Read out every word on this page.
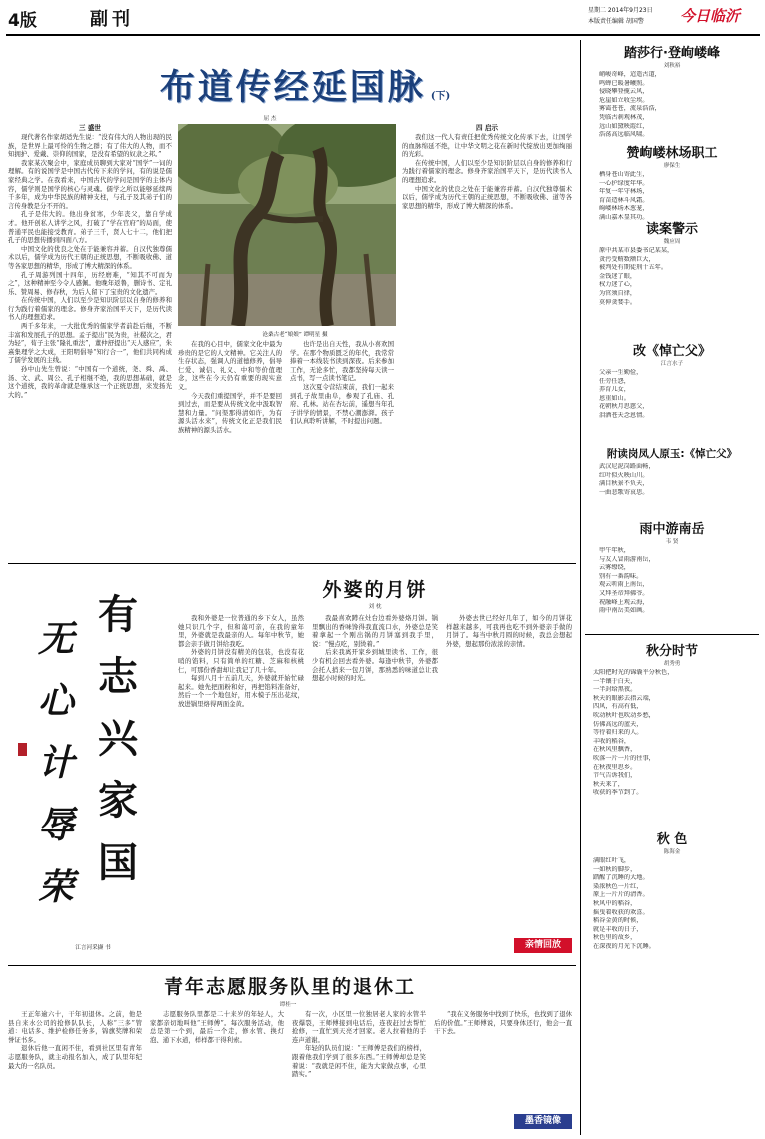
4版	副刊	星期二 2014年9月23日
本版责任编辑 胡国警 今日临沂
布道传经延国脉 (下)
屈 杰

三 盛世

现代著名作家胡适先生说：“没有伟大的人物出现的民族，是世界上最可怜的生物之群；有了伟大的人物，而不知拥护、爱戴、崇仰的国家，是没有希望的奴隶之邦。”

我家某次聚会中，家庭成员聊到大家对“国学”一词的理解。有的说国学是中国古代传下来的学问，有的说是儒家经典之学。在我看来，中国古代的学问是国学的主体内容，儒学则是国学的核心与灵魂。儒学之所以能够延续两千多年，成为中华民族的精神支柱，与孔子及其弟子们的言传身教是分不开的。

孔子是伟大的。他出身贫寒，少年丧父，靠自学成才。他开创私人讲学之风，打破了“学在官府”的局面，使普通平民也能接受教育。弟子三千，贤人七十二，他们把孔子的思想传播到四面八方。

中国文化的优良之处在于能兼容并蓄。自汉代独尊儒术以后，儒学成为历代王朝的正统思想，不断吸收佛、道等各家思想的精华，形成了博大精深的体系。

孔子周游列国十四年，历经磨难，“知其不可而为之”，这种精神至今令人感佩。他晚年返鲁，删诗书、定礼乐、赞周易、修春秋，为后人留下了宝贵的文化遗产。

在传统中国，人们以至少是知识阶层以自身的修养和行为践行着儒家的理念。修身齐家治国平天下，是历代读书人的理想追求。

两千多年来，一大批优秀的儒家学者前赴后继，不断丰富和发展孔子的思想。孟子提出“民为贵，社稷次之，君为轻”，荀子主张“隆礼重法”，董仲舒提出“天人感应”，朱熹集理学之大成，王阳明倡导“知行合一”，他们共同构成了儒学发展的主线。

孙中山先生曾说：“中国有一个道统，尧、舜、禹、汤、文、武、周公、孔子相继不绝，我的思想基础，就是这个道统，我的革命就是继承这一个正统思想，来发扬光大的。”

沧桑古老“娘娘” 谭明星 摄

在我的心目中，儒家文化中最为珍贵的是它的人文精神。它关注人的生存状态，强调人的道德修养，倡导仁爱、诚信、礼义、中和等价值理念，这些在今天仍有重要的现实意义。

今天我们重提国学，并不是要回到过去，而是要从传统文化中汲取智慧和力量。“问渠那得清如许，为有源头活水来”，传统文化正是我们民族精神的源头活水。

也许是出自天性，我从小喜欢国学。在那个物质匮乏的年代，我常常捧着一本线装书读到深夜。后来参加工作，无论多忙，我都坚持每天读一点书，写一点读书笔记。

这次夏令营结束前，我们一起来到孔子故里曲阜，参观了孔庙、孔府、孔林。站在杏坛前，遥想当年孔子讲学的情景，不禁心潮澎湃。孩子们认真聆听讲解，不时提出问题。

四 启示

我们这一代人有责任把优秀传统文化传承下去，让国学的血脉绵延不绝，让中华文明之花在新时代绽放出更加绚丽的光彩。

在传统中国，人们以至少是知识阶层以自身的修养和行为践行着儒家的理念。修身齐家治国平天下，是历代读书人的理想追求。

中国文化的优良之处在于能兼容并蓄。自汉代独尊儒术以后，儒学成为历代王朝的正统思想，不断吸收佛、道等各家思想的精华，形成了博大精深的体系。

有志兴家国
无心计辱荣
江言河采撷 书
外婆的月饼
刘 枕

我和外婆是一位普通的乡下女人，虽然她只识几个字，但和蔼可亲，在我的童年里，外婆就是我最亲的人。每年中秋节，她都会亲手做月饼给我吃。

外婆的月饼没有精美的包装，也没有花哨的馅料，只有简单的红糖、芝麻和核桃仁，可那份香甜却让我记了几十年。

每到八月十五前几天，外婆就开始忙碌起来。她先把面粉和好，再把馅料准备好，然后一个一个地包好，用木模子压出花纹，放进锅里烙得两面金黄。

我最喜欢蹲在灶台边看外婆烙月饼。锅里飘出的香味馋得我直流口水，外婆总是笑着拿起一个刚出锅的月饼塞到我手里，说：“慢点吃，别烫着。”

后来我离开家乡到城里读书、工作，很少有机会回去看外婆。每逢中秋节，外婆都会托人捎来一包月饼，那熟悉的味道总让我想起小时候的时光。

外婆去世已经好几年了，如今的月饼花样越来越多，可我再也吃不到外婆亲手做的月饼了。每当中秋月圆的时候，我总会想起外婆，想起那份浓浓的亲情。

亲情回放
青年志愿服务队里的退休工
谭桂一

王正年逾六十，干年初退休。之前，他是县自来水公司的抢修队队长，人称“三多”管道：电话多、维护检修任务多，锦旗奖牌和荣誉证书多。

退休后他一直闲不住，看到社区里有青年志愿服务队，就主动报名加入，成了队里年纪最大的一名队员。

志愿服务队里都是二十来岁的年轻人，大家都亲切地叫他“王师傅”。每次服务活动，他总是第一个到，最后一个走，修水管、换灯泡、通下水道，样样都干得利索。

有一次，小区里一位独居老人家的水管半夜爆裂，王师傅接到电话后，连夜赶过去帮忙抢修，一直忙到天亮才回家。老人拉着他的手连声道谢。

年轻的队员们说：“王师傅是我们的榜样，跟着他我们学到了很多东西。”王师傅却总是笑着说：“我就是闲不住，能为大家做点事，心里踏实。”

“我在义务服务中找到了快乐，也找到了退休后的价值。”王师傅说，只要身体还行，他会一直干下去。

墨香镜像
踏莎行·登岣嵝峰
刘秋裕
峭峻奇峰，迢遥古道，
鸣蝉已暖暑曦照。
侵晓攀登揽云风，
危崖如立收尘埃。
雾霭苍苍，流泉浩浩，
凭临古刹观林茂，
远山如黛映霞红，
浩荡高远临风啸。
赞岣嵝林场职工
廖保生
栖身苍山寄此生，
一心护绿度年华。
年复一年守林场，
育苗造林斗风霜。
岣嵝林场木葱茏，
满山嘉木显其功。
读案警示
魏应周
原中共某市县委书记某某，
贪污受贿数额巨大，
被判处有期徒刑十五年。
金钱迷了眼，
权力迷了心，
为官须自律，
莫伸贪婪手。
改《悼亡父》
江言水子
父亲一生勤俭，
任劳任怨，
养育儿女，
恩重如山。
花朝秋月思慈父，
泪洒苍天念恩情。
附读岗凤人原玉:《悼亡父》
武汉尼泥岗路面畅，
红叶似火映山川。
满目秋景不负天，
一曲悲歌寄哀思。
雨中游南岳
韦 贤
甲午年秋，
与友人冒雨游南岳，
云雾缭绕，
别有一番韵味。
观云听雨上南岳，
又拜圣帝拜佛爷。
祝融峰上观云海，
雨中南岳美如画。
秋分时节
胡秀勇
太阳把时光的锦囊平分秋色，
一半镶于白天，
一半封给黑夜。
秋天的眼影去指云端，
四风，有高有低，
吹动秋叶也吹动乡愁，
仿佛高远的蓝天，
等待着归来的人。
丰收的稻谷，
在秋风里飘香，
吹落一片一片的往事，
在秋夜里思乡。
节气告诉我们，
秋天来了，
收获的季节到了。
秋 色
陈海金
满眼红叶飞，
一如秋的脚步，
踏醒了沉睡的大地。
染浓秋色一片红，
原上一片片的清香。
秋风中的稻谷，
摇曳着收获的欢喜。
稻谷金黄的时候，
就是丰收的日子，
秋色里的故乡，
在深夜的月光下沉睡。
